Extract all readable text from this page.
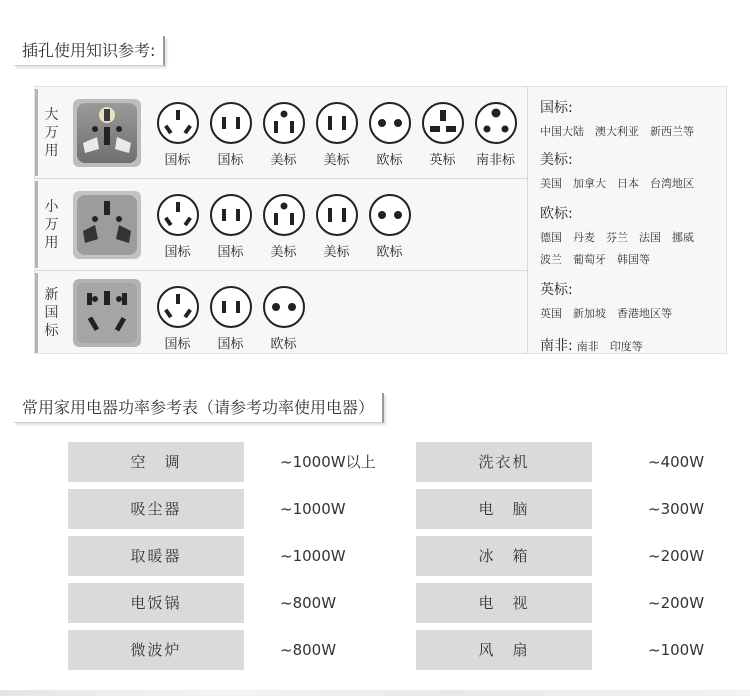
插孔使用知识参考:
大万用
国标 国标 美标 美标 欧标 英标 南非标
小万用
国标 国标 美标 美标 欧标
新国标
国标 国标 欧标
国标:
中国大陆　澳大利亚　新西兰等
美标:
美国　加拿大　日本　台湾地区
欧标:
德国　丹麦　芬兰　法国　挪威
波兰　葡萄牙　韩国等
英标:
英国　新加坡　香港地区等
南非: 南非　印度等
常用家用电器功率参考表（请参考功率使用电器）
空　调	~1000W以上	洗衣机	~400W
吸尘器	~1000W	电　脑	~300W
取暖器	~1000W	冰　箱	~200W
电饭锅	~800W	电　视	~200W
微波炉	~800W	风　扇	~100W
